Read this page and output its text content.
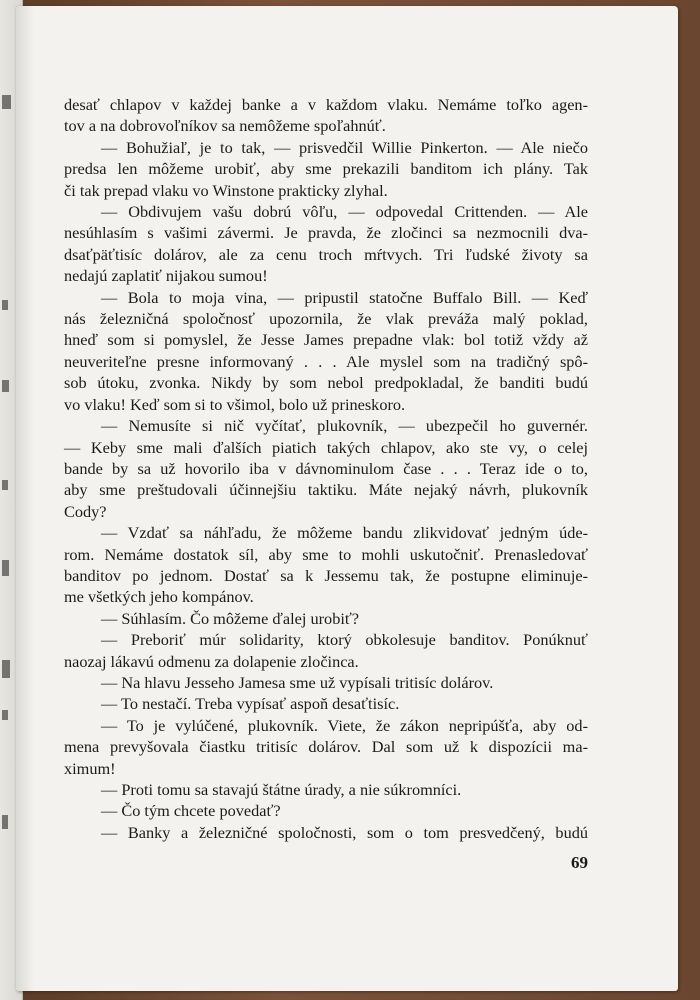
desať chlapov v každej banke a v každom vlaku. Nemáme toľko agen-
tov a na dobrovoľníkov sa nemôžeme spoľahnúť.
— Bohužiaľ, je to tak, — prisvedčil Willie Pinkerton. — Ale niečo
predsa len môžeme urobiť, aby sme prekazili banditom ich plány. Tak
či tak prepad vlaku vo Winstone prakticky zlyhal.
— Obdivujem vašu dobrú vôľu, — odpovedal Crittenden. — Ale
nesúhlasím s vašimi závermi. Je pravda, že zločinci sa nezmocnili dva-
dsaťpäťtisíc dolárov, ale za cenu troch mŕtvych. Tri ľudské životy sa
nedajú zaplatiť nijakou sumou!
— Bola to moja vina, — pripustil statočne Buffalo Bill. — Keď
nás železničná spoločnosť upozornila, že vlak preváža malý poklad,
hneď som si pomyslel, že Jesse James prepadne vlak: bol totiž vždy až
neuveriteľne presne informovaný . . . Ale myslel som na tradičný spô-
sob útoku, zvonka. Nikdy by som nebol predpokladal, že banditi budú
vo vlaku! Keď som si to všimol, bolo už prineskoro.
— Nemusíte si nič vyčítať, plukovník, — ubezpečil ho guvernér.
— Keby sme mali ďalších piatich takých chlapov, ako ste vy, o celej
bande by sa už hovorilo iba v dávnominulom čase . . . Teraz ide o to,
aby sme preštudovali účinnejšiu taktiku. Máte nejaký návrh, plukovník
Cody?
— Vzdať sa náhľadu, že môžeme bandu zlikvidovať jedným úde-
rom. Nemáme dostatok síl, aby sme to mohli uskutočniť. Prenasledovať
banditov po jednom. Dostať sa k Jessemu tak, že postupne eliminuje-
me všetkých jeho kompánov.
— Súhlasím. Čo môžeme ďalej urobiť?
— Preboriť múr solidarity, ktorý obkolesuje banditov. Ponúknuť
naozaj lákavú odmenu za dolapenie zločinca.
— Na hlavu Jesseho Jamesa sme už vypísali tritisíc dolárov.
— To nestačí. Treba vypísať aspoň desaťtisíc.
— To je vylúčené, plukovník. Viete, že zákon nepripúšťa, aby od-
mena prevyšovala čiastku tritisíc dolárov. Dal som už k dispozícii ma-
ximum!
— Proti tomu sa stavajú štátne úrady, a nie súkromníci.
— Čo tým chcete povedať?
— Banky a železničné spoločnosti, som o tom presvedčený, budú
69
